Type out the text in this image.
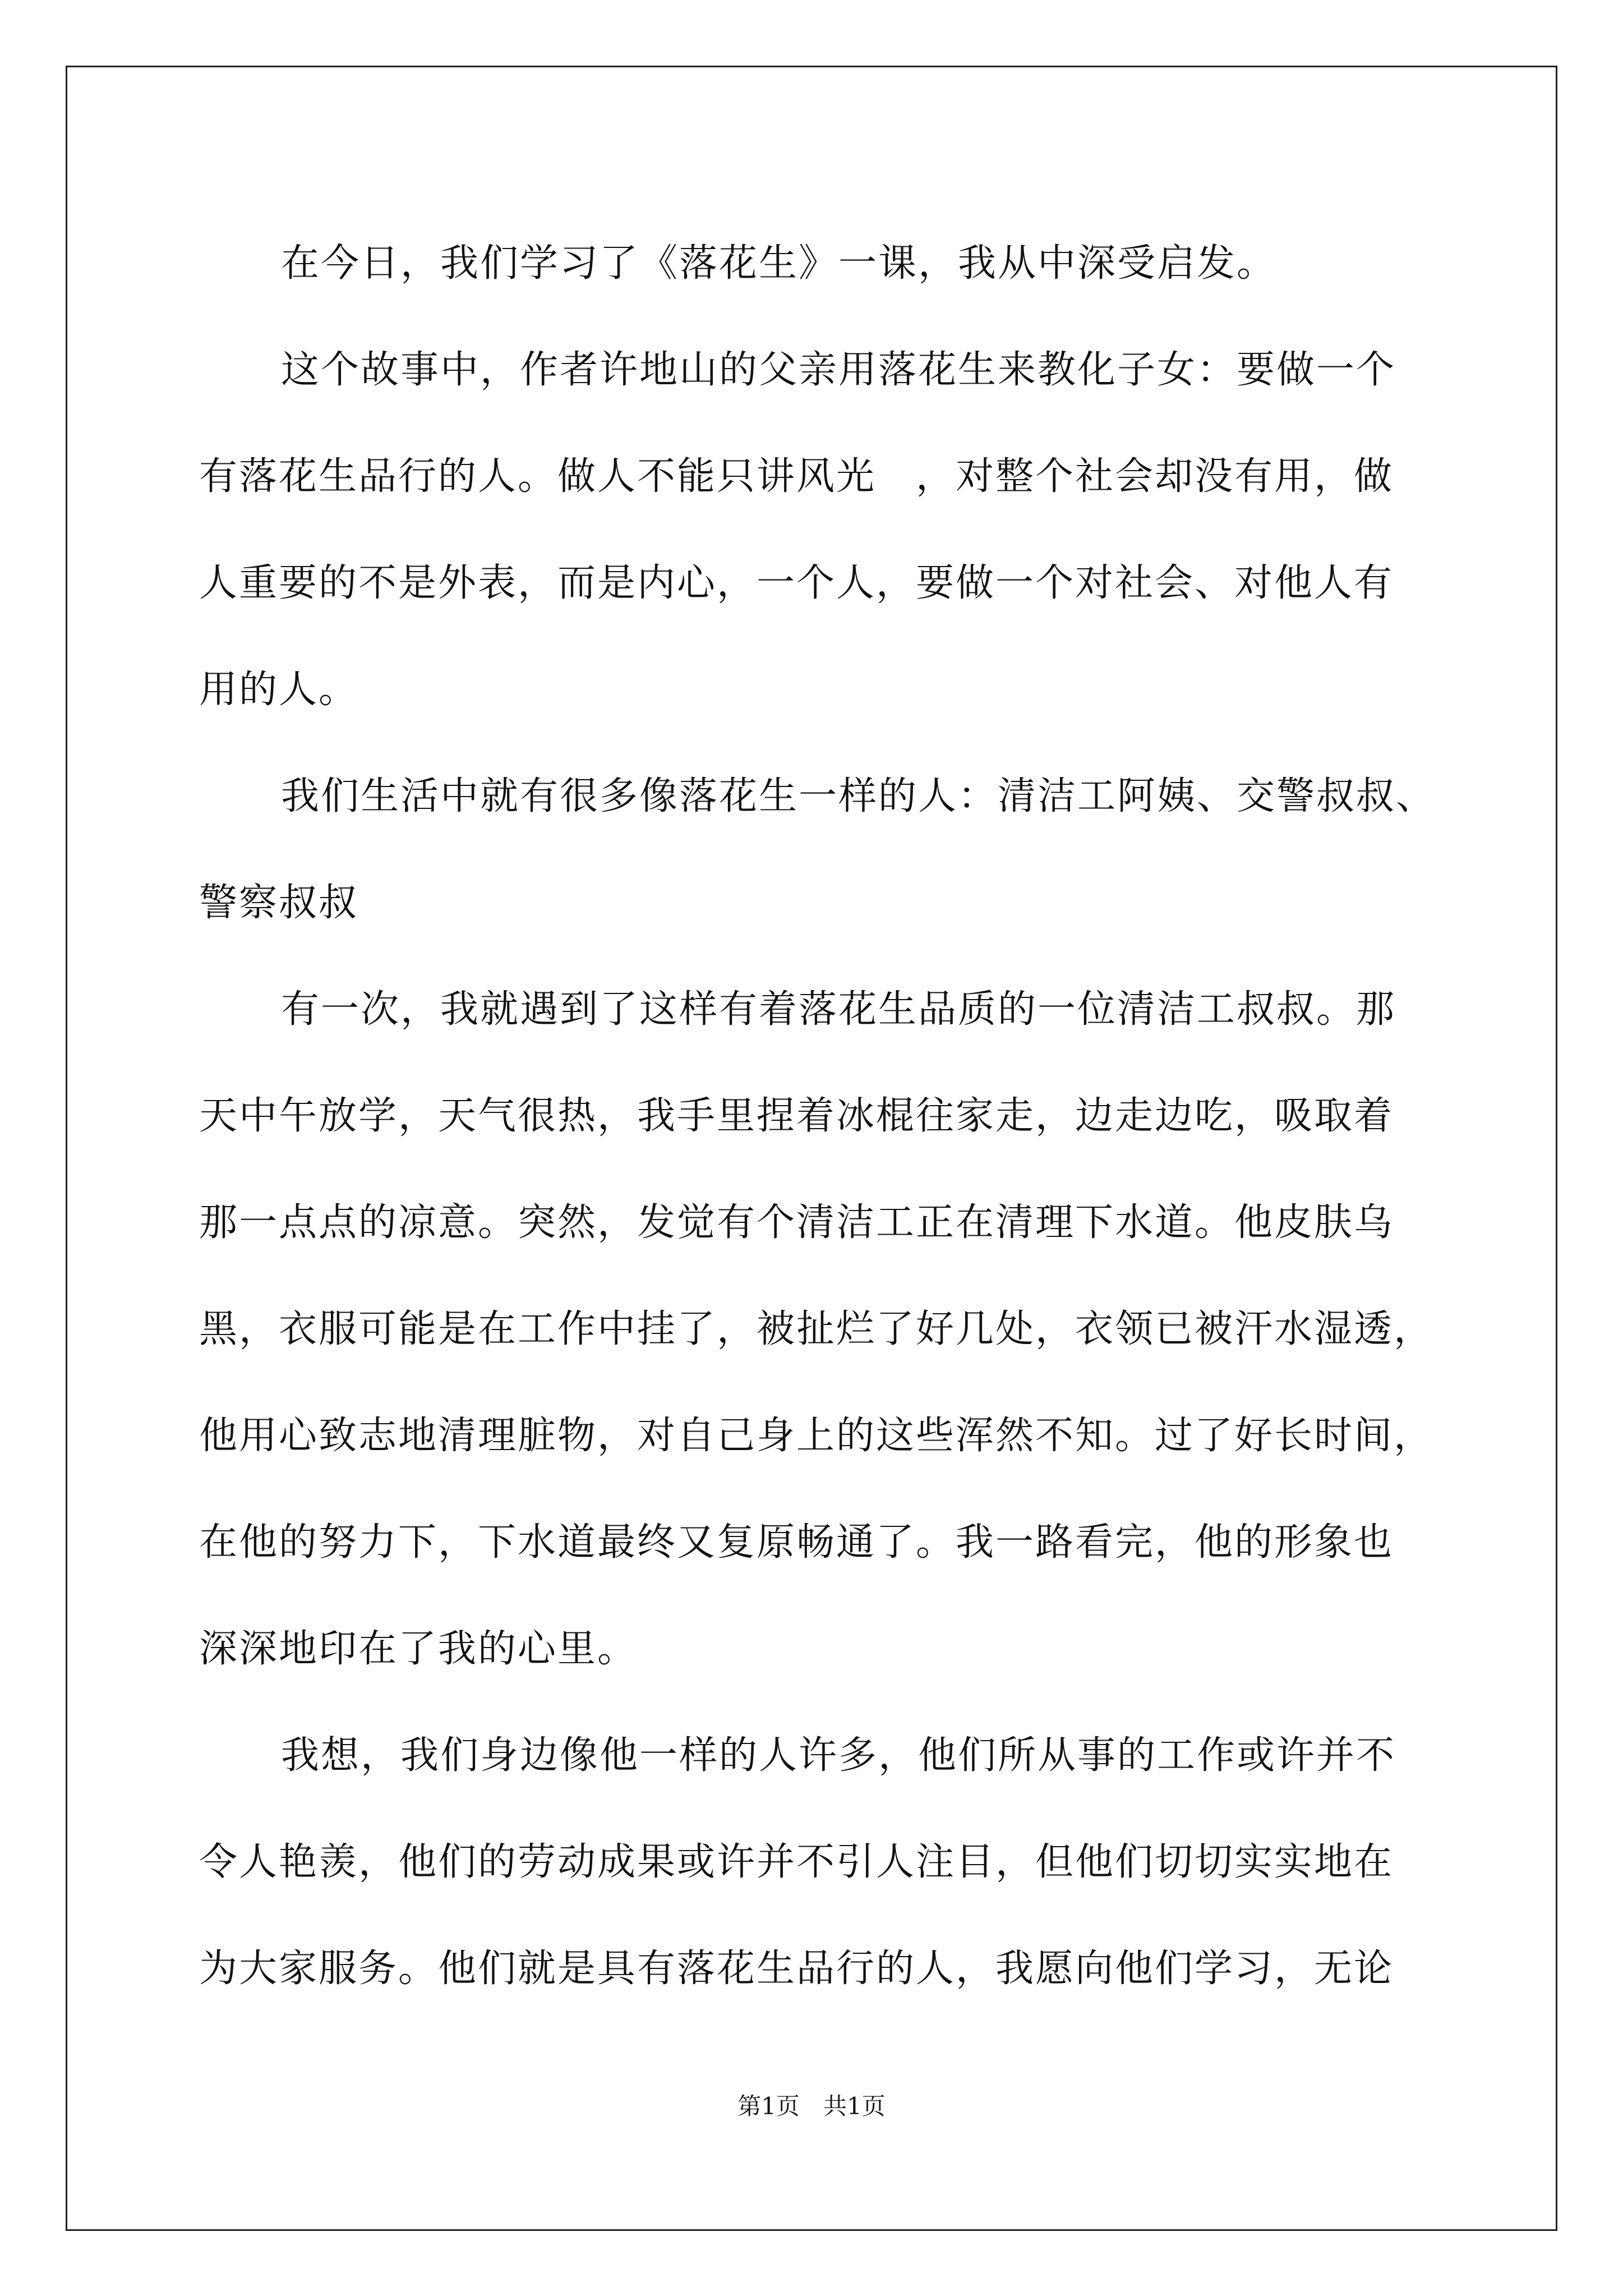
在今日，我们学习了《落花生》一课，我从中深受启发。
这个故事中，作者许地山的父亲用落花生来教化子女：要做一个
有落花生品行的人。做人不能只讲风光　，对整个社会却没有用，做
人重要的不是外表，而是内心，一个人，要做一个对社会、对他人有
用的人。
我们生活中就有很多像落花生一样的人：清洁工阿姨、交警叔叔、
警察叔叔
有一次，我就遇到了这样有着落花生品质的一位清洁工叔叔。那
天中午放学，天气很热，我手里捏着冰棍往家走，边走边吃，吸取着
那一点点的凉意。突然，发觉有个清洁工正在清理下水道。他皮肤乌
黑，衣服可能是在工作中挂了，被扯烂了好几处，衣领已被汗水湿透，
他用心致志地清理脏物，对自己身上的这些浑然不知。过了好长时间，
在他的努力下，下水道最终又复原畅通了。我一路看完，他的形象也
深深地印在了我的心里。
我想，我们身边像他一样的人许多，他们所从事的工作或许并不
令人艳羡，他们的劳动成果或许并不引人注目，但他们切切实实地在
为大家服务。他们就是具有落花生品行的人，我愿向他们学习，无论
第1页　共1页
